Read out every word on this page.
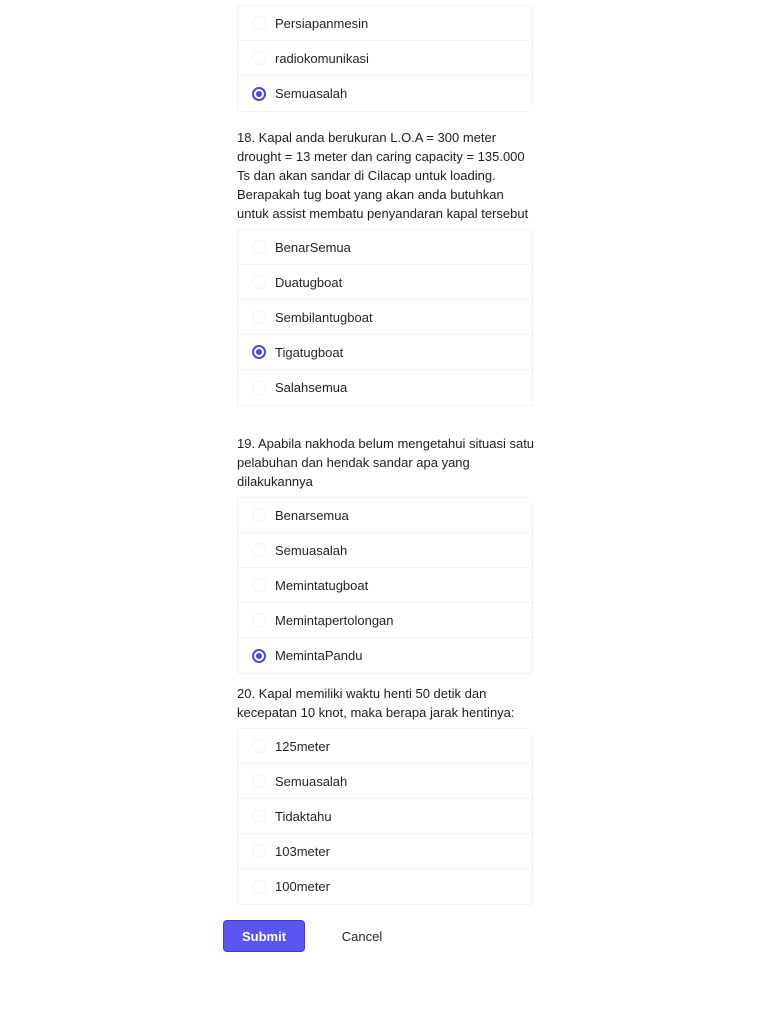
Persiapanmesin
radiokomunikasi
Semuasalah

18. Kapal anda berukuran L.O.A = 300 meter drought = 13 meter dan caring capacity = 135.000 Ts dan akan sandar di Cilacap untuk loading. Berapakah tug boat yang akan anda butuhkan untuk assist membatu penyandaran kapal tersebut

BenarSemua
Duatugboat
Sembilantugboat
Tigatugboat
Salahsemua

19. Apabila nakhoda belum mengetahui situasi satu pelabuhan dan hendak sandar apa yang dilakukannya

Benarsemua
Semuasalah
Memintatugboat
Memintapertolongan
MemintaPandu

20. Kapal memiliki waktu henti 50 detik dan kecepatan 10 knot, maka berapa jarak hentinya:

125meter
Semuasalah
Tidaktahu
103meter
100meter
Submit	Cancel
